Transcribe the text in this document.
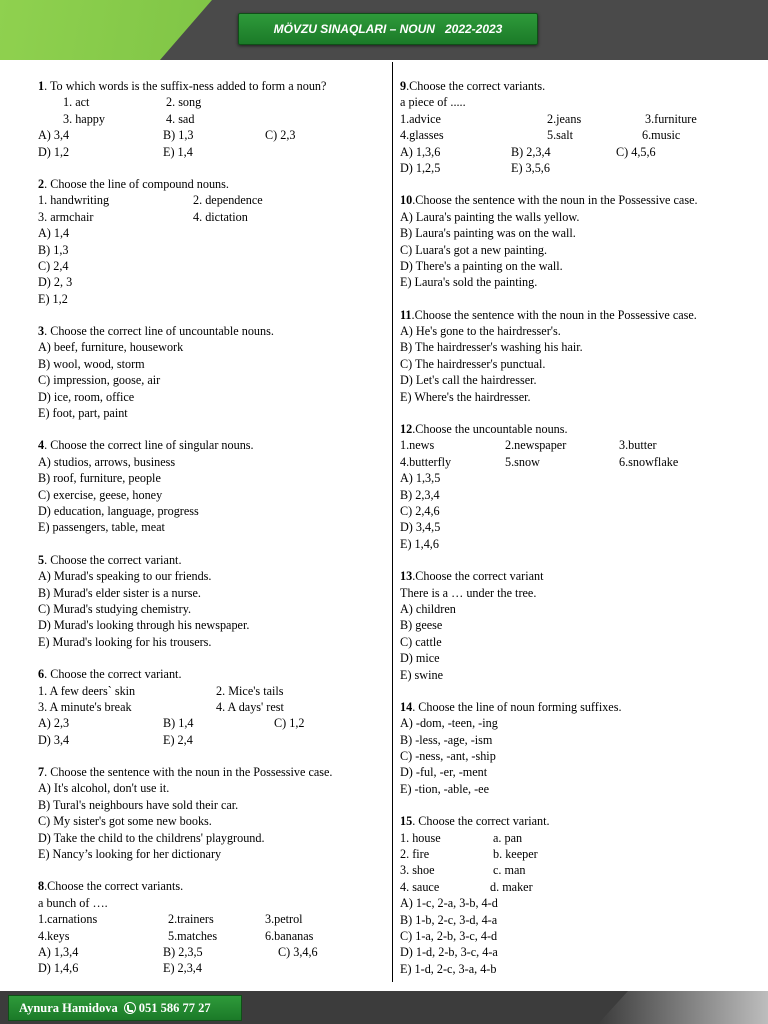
MÖVZU SINAQLARI – NOUN   2022-2023
1. To which words is the suffix-ness added to form a noun?
1. act	2. song
3. happy	4. sad
A) 3,4	B) 1,3	C) 2,3
D) 1,2	E) 1,4
2. Choose the line of compound nouns.
1. handwriting	2. dependence
3. armchair	4. dictation
A) 1,4
B) 1,3
C) 2,4
D) 2, 3
E) 1,2
3. Choose the correct line of uncountable nouns.
A) beef, furniture, housework
B) wool, wood, storm
C) impression, goose, air
D) ice, room, office
E) foot, part, paint
4. Choose the correct line of singular nouns.
A) studios, arrows, business
B) roof, furniture, people
C) exercise, geese, honey
D) education, language, progress
E) passengers, table, meat
5. Choose the correct variant.
A) Murad's speaking to our friends.
B) Murad's elder sister is a nurse.
C) Murad's studying chemistry.
D) Murad's looking through his newspaper.
E) Murad's looking for his trousers.
6. Choose the correct variant.
1. A few deers` skin	2. Mice's tails
3. A minute's break	4. A days' rest
A) 2,3	B) 1,4	C) 1,2
D) 3,4	E) 2,4
7. Choose the sentence with the noun in the Possessive case.
A) It's alcohol, don't use it.
B) Tural's neighbours have sold their car.
C) My sister's got some new books.
D) Take the child to the childrens' playground.
E) Nancy’s looking for her dictionary
8.Choose the correct variants.
a bunch of ….
1.carnations	2.trainers	3.petrol
4.keys	5.matches	6.bananas
A) 1,3,4	B) 2,3,5	C) 3,4,6
D) 1,4,6	E) 2,3,4
9.Choose the correct variants.
a piece of .....
1.advice	2.jeans	3.furniture
4.glasses	5.salt	6.music
A) 1,3,6	B) 2,3,4	C) 4,5,6
D) 1,2,5	E) 3,5,6
10.Choose the sentence with the noun in the Possessive case.
A) Laura's painting the walls yellow.
B) Laura's painting was on the wall.
C) Luara's got a new painting.
D) There's a painting on the wall.
E) Laura's sold the painting.
11.Choose the sentence with the noun in the Possessive case.
A) He's gone to the hairdresser's.
B) The hairdresser's washing his hair.
C) The hairdresser's punctual.
D) Let's call the hairdresser.
E) Where's the hairdresser.
12.Choose the uncountable nouns.
1.news	2.newspaper	3.butter
4.butterfly	5.snow	6.snowflake
A) 1,3,5
B) 2,3,4
C) 2,4,6
D) 3,4,5
E) 1,4,6
13.Choose the correct variant
There is a … under the tree.
A) children
B) geese
C) cattle
D) mice
E) swine
14. Choose the line of noun forming suffixes.
A) -dom, -teen, -ing
B) -less, -age, -ism
C) -ness, -ant, -ship
D) -ful, -er, -ment
E) -tion, -able, -ee
15. Choose the correct variant.
1. house	a. pan
2. fire	b. keeper
3. shoe	c. man
4. sauce	d. maker
A) 1-c, 2-a, 3-b, 4-d
B) 1-b, 2-c, 3-d, 4-a
C) 1-a, 2-b, 3-c, 4-d
D) 1-d, 2-b, 3-c, 4-a
E) 1-d, 2-c, 3-a, 4-b
Aynura Hamidova 051 586 77 27
